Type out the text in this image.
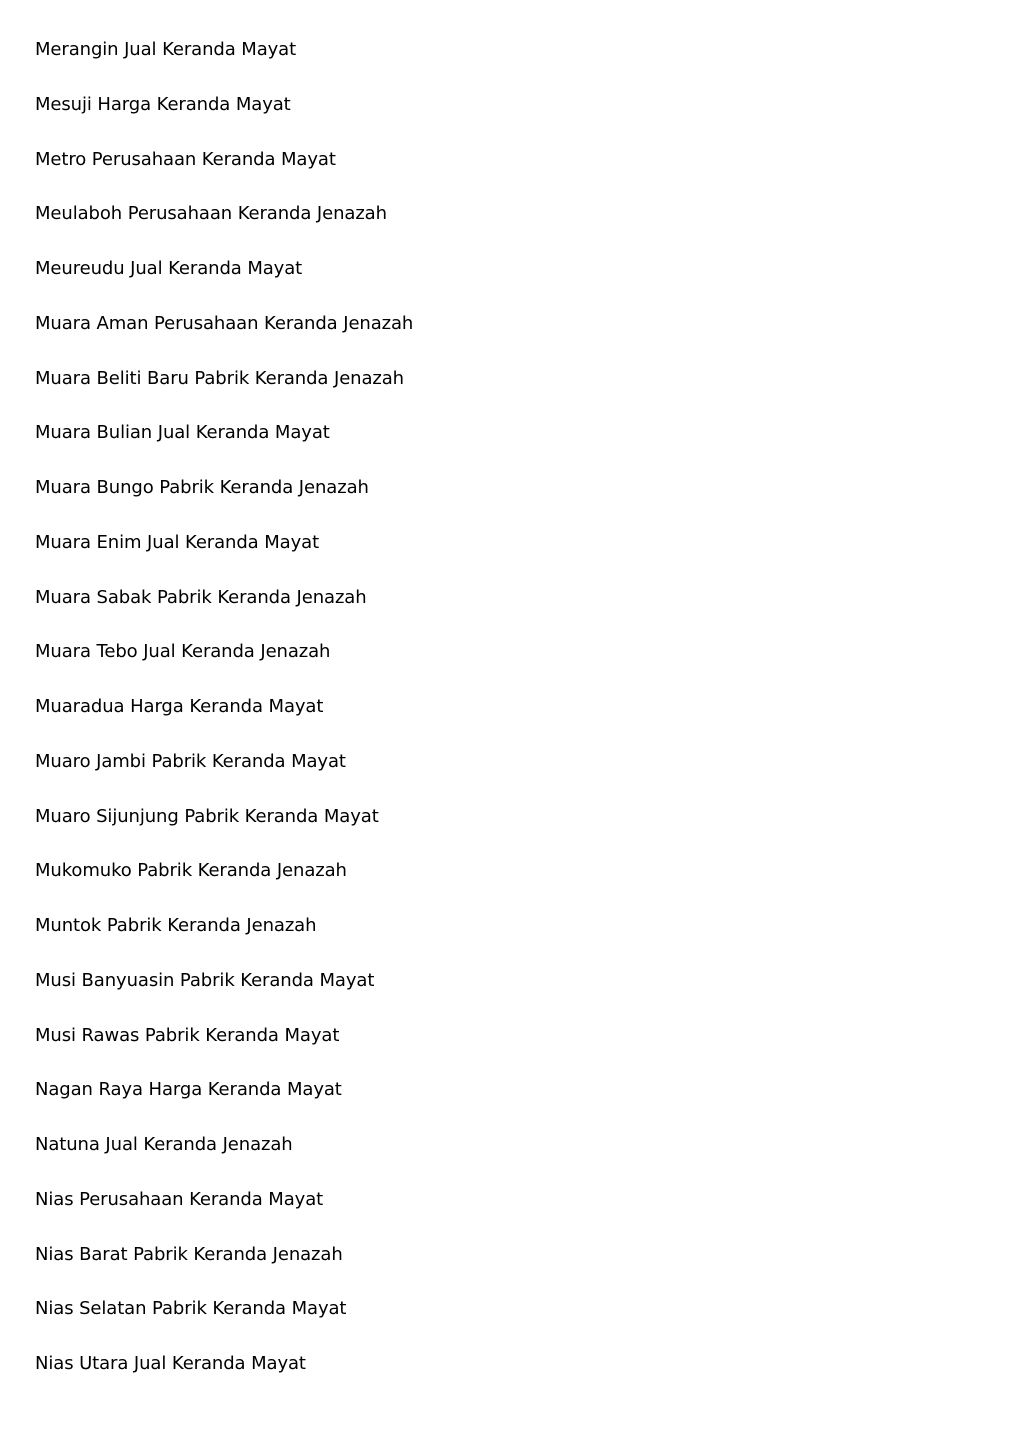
Merangin Jual Keranda Mayat
Mesuji Harga Keranda Mayat
Metro Perusahaan Keranda Mayat
Meulaboh Perusahaan Keranda Jenazah
Meureudu Jual Keranda Mayat
Muara Aman Perusahaan Keranda Jenazah
Muara Beliti Baru Pabrik Keranda Jenazah
Muara Bulian Jual Keranda Mayat
Muara Bungo Pabrik Keranda Jenazah
Muara Enim Jual Keranda Mayat
Muara Sabak Pabrik Keranda Jenazah
Muara Tebo Jual Keranda Jenazah
Muaradua Harga Keranda Mayat
Muaro Jambi Pabrik Keranda Mayat
Muaro Sijunjung Pabrik Keranda Mayat
Mukomuko Pabrik Keranda Jenazah
Muntok Pabrik Keranda Jenazah
Musi Banyuasin Pabrik Keranda Mayat
Musi Rawas Pabrik Keranda Mayat
Nagan Raya Harga Keranda Mayat
Natuna Jual Keranda Jenazah
Nias Perusahaan Keranda Mayat
Nias Barat Pabrik Keranda Jenazah
Nias Selatan Pabrik Keranda Mayat
Nias Utara Jual Keranda Mayat
